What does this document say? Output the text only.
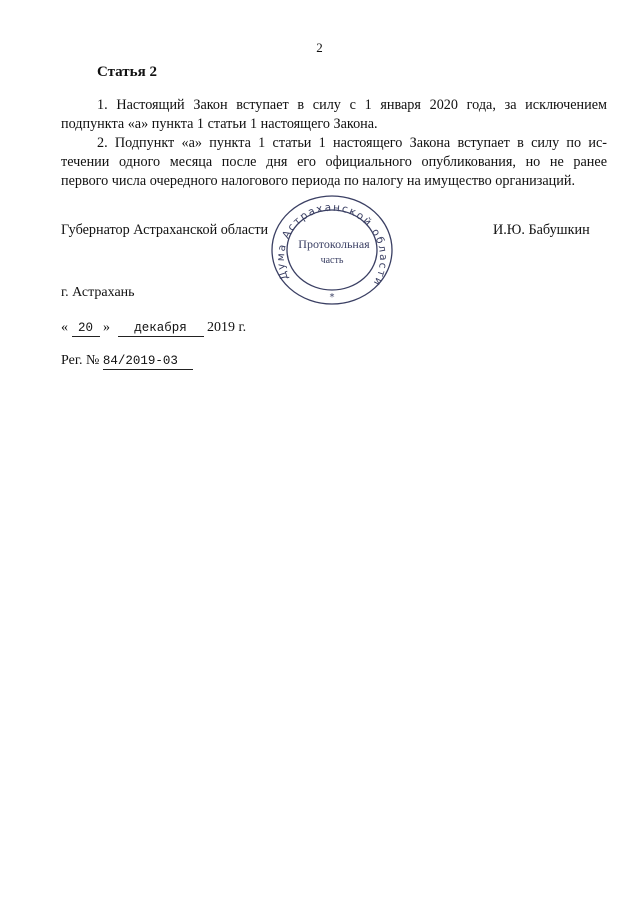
2
Статья 2
1. Настоящий Закон вступает в силу с 1 января 2020 года, за исключением
подпункта «а» пункта 1 статьи 1 настоящего Закона.
2. Подпункт «а» пункта 1 статьи 1 настоящего Закона вступает в силу по ис-
течении одного месяца после дня его официального опубликования, но не ранее
первого числа очередного налогового периода по налогу на имущество организаций.
Губернатор Астраханской области	И.Ю. Бабушкин
Дума Астраханской области
Протокольная
часть
*
г. Астрахань
« 20 » декабря 2019 г.
Рег. № 84/2019-03
